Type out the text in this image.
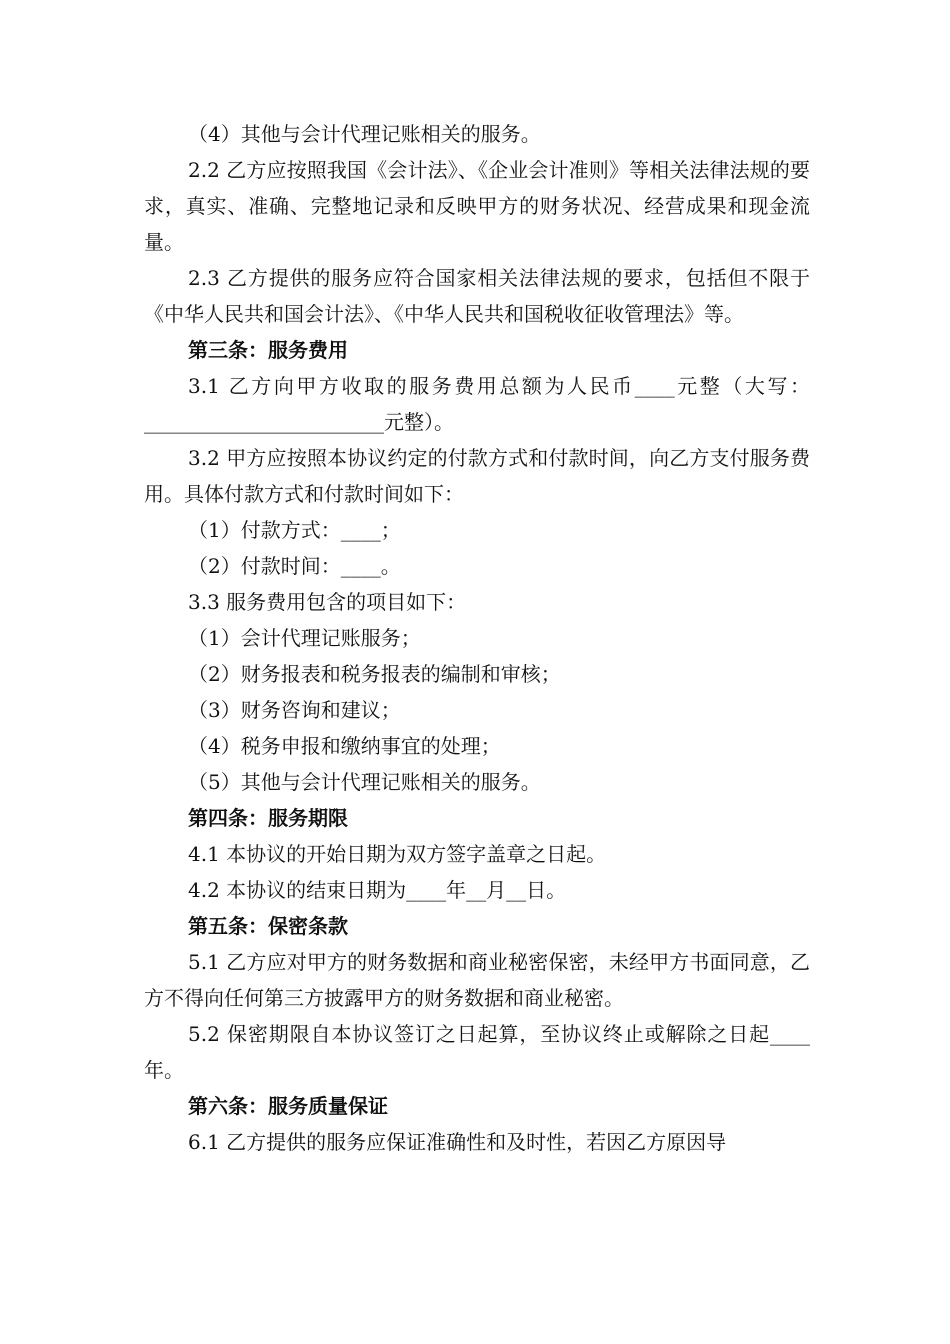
（4）其他与会计代理记账相关的服务。

2.2 乙方应按照我国《会计法》、《企业会计准则》等相关法律法规的要求，真实、准确、完整地记录和反映甲方的财务状况、经营成果和现金流量。

2.3 乙方提供的服务应符合国家相关法律法规的要求，包括但不限于《中华人民共和国会计法》、《中华人民共和国税收征收管理法》等。

第三条：服务费用

3.1 乙方向甲方收取的服务费用总额为人民币____元整（大写：________________________元整）。

3.2 甲方应按照本协议约定的付款方式和付款时间，向乙方支付服务费用。具体付款方式和付款时间如下：

（1）付款方式：____；

（2）付款时间：____。

3.3 服务费用包含的项目如下：

（1）会计代理记账服务；

（2）财务报表和税务报表的编制和审核；

（3）财务咨询和建议；

（4）税务申报和缴纳事宜的处理；

（5）其他与会计代理记账相关的服务。

第四条：服务期限

4.1 本协议的开始日期为双方签字盖章之日起。

4.2 本协议的结束日期为____年__月__日。

第五条：保密条款

5.1 乙方应对甲方的财务数据和商业秘密保密，未经甲方书面同意，乙方不得向任何第三方披露甲方的财务数据和商业秘密。

5.2 保密期限自本协议签订之日起算，至协议终止或解除之日起____年。

第六条：服务质量保证

6.1 乙方提供的服务应保证准确性和及时性，若因乙方原因导
